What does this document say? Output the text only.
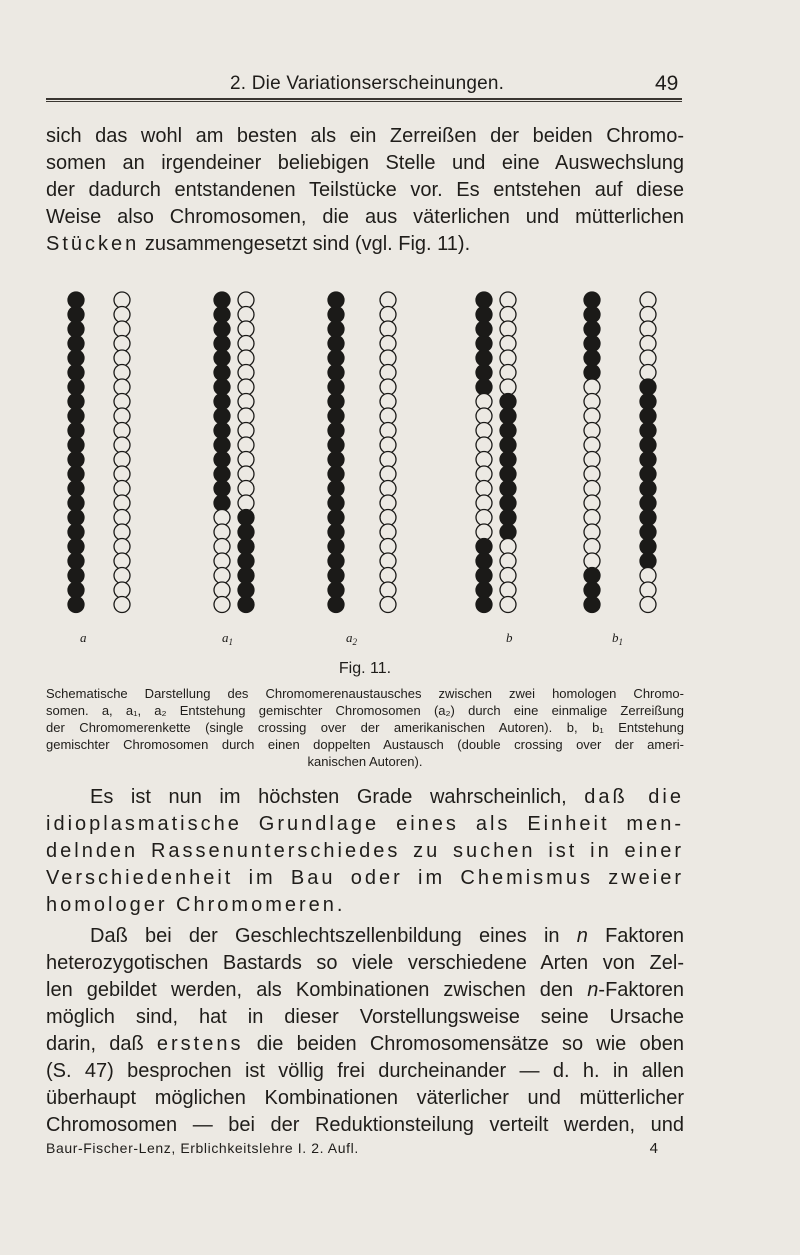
2. Die Variationserscheinungen.	49
sich das wohl am besten als ein Zerreißen der beiden Chromo-
somen an irgendeiner beliebigen Stelle und eine Auswechslung
der dadurch entstandenen Teilstücke vor. Es entstehen auf diese
Weise also Chromosomen, die aus väterlichen und mütterlichen
Stücken zusammengesetzt sind (vgl. Fig. 11).
a	$a_1$	$a_2$	b	$b_1$
Fig. 11.
Schematische Darstellung des Chromomerenaustausches zwischen zwei homologen Chromo-
somen. a, a₁, a₂ Entstehung gemischter Chromosomen (a₂) durch eine einmalige Zerreißung
der Chromomerenkette (single crossing over der amerikanischen Autoren). b, b₁ Entstehung
gemischter Chromosomen durch einen doppelten Austausch (double crossing over der ameri-
kanischen Autoren).
Es ist nun im höchsten Grade wahrscheinlich, daß die
idioplasmatische Grundlage eines als Einheit men-
delnden Rassenunterschiedes zu suchen ist in einer
Verschiedenheit im Bau oder im Chemismus zweier
homologer Chromomeren.
Daß bei der Geschlechtszellenbildung eines in n Faktoren
heterozygotischen Bastards so viele verschiedene Arten von Zel-
len gebildet werden, als Kombinationen zwischen den n-Faktoren
möglich sind, hat in dieser Vorstellungsweise seine Ursache
darin, daß erstens die beiden Chromosomensätze so wie oben
(S. 47) besprochen ist völlig frei durcheinander — d. h. in allen
überhaupt möglichen Kombinationen väterlicher und mütterlicher
Chromosomen — bei der Reduktionsteilung verteilt werden, und
Baur-Fischer-Lenz, Erblichkeitslehre I. 2. Aufl.	4
